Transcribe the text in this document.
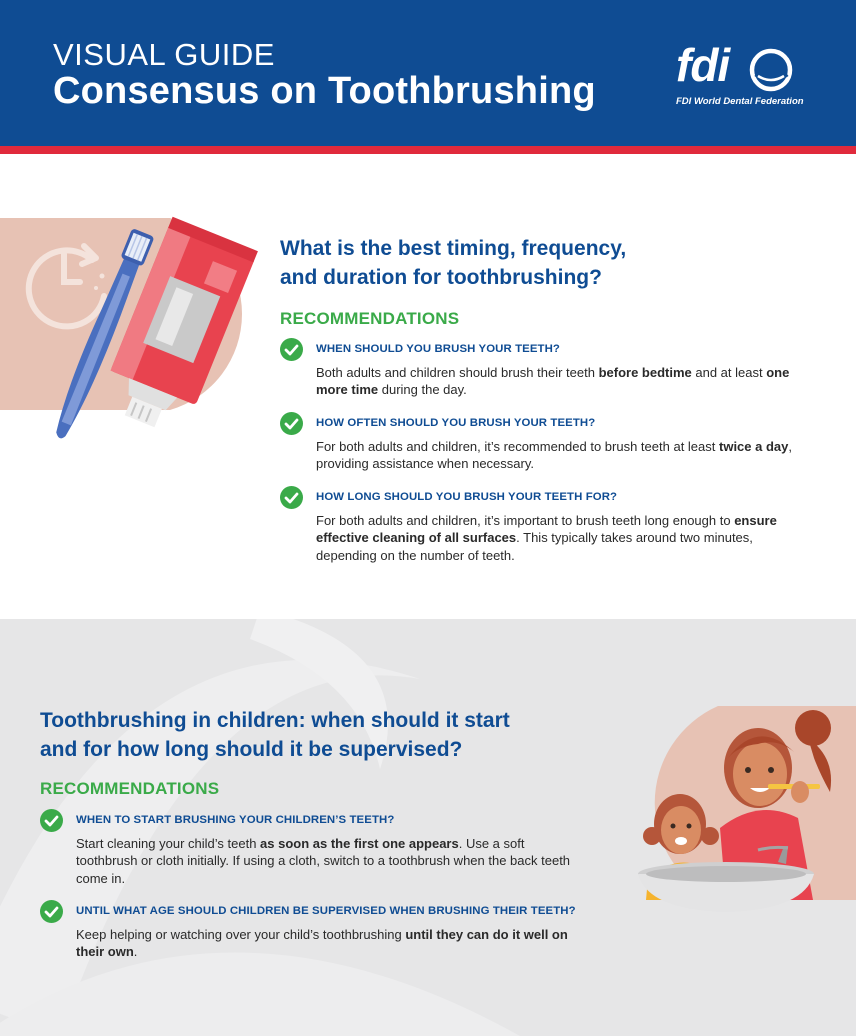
VISUAL GUIDE
Consensus on Toothbrushing fdi
FDI World Dental Federation
What is the best timing, frequency,
and duration for toothbrushing?
RECOMMENDATIONS
WHEN SHOULD YOU BRUSH YOUR TEETH?
Both adults and children should brush their teeth before bedtime and at least one more time during the day.
HOW OFTEN SHOULD YOU BRUSH YOUR TEETH?
For both adults and children, it’s recommended to brush teeth at least twice a day, providing assistance when necessary.
HOW LONG SHOULD YOU BRUSH YOUR TEETH FOR?
For both adults and children, it’s important to brush teeth long enough to ensure effective cleaning of all surfaces. This typically takes around two minutes, depending on the number of teeth.
Toothbrushing in children: when should it start
and for how long should it be supervised?
RECOMMENDATIONS
WHEN TO START BRUSHING YOUR CHILDREN’S TEETH?
Start cleaning your child’s teeth as soon as the first one appears. Use a soft toothbrush or cloth initially. If using a cloth, switch to a toothbrush when the back teeth come in.
UNTIL WHAT AGE SHOULD CHILDREN BE SUPERVISED WHEN BRUSHING THEIR TEETH?
Keep helping or watching over your child’s toothbrushing until they can do it well on their own.
